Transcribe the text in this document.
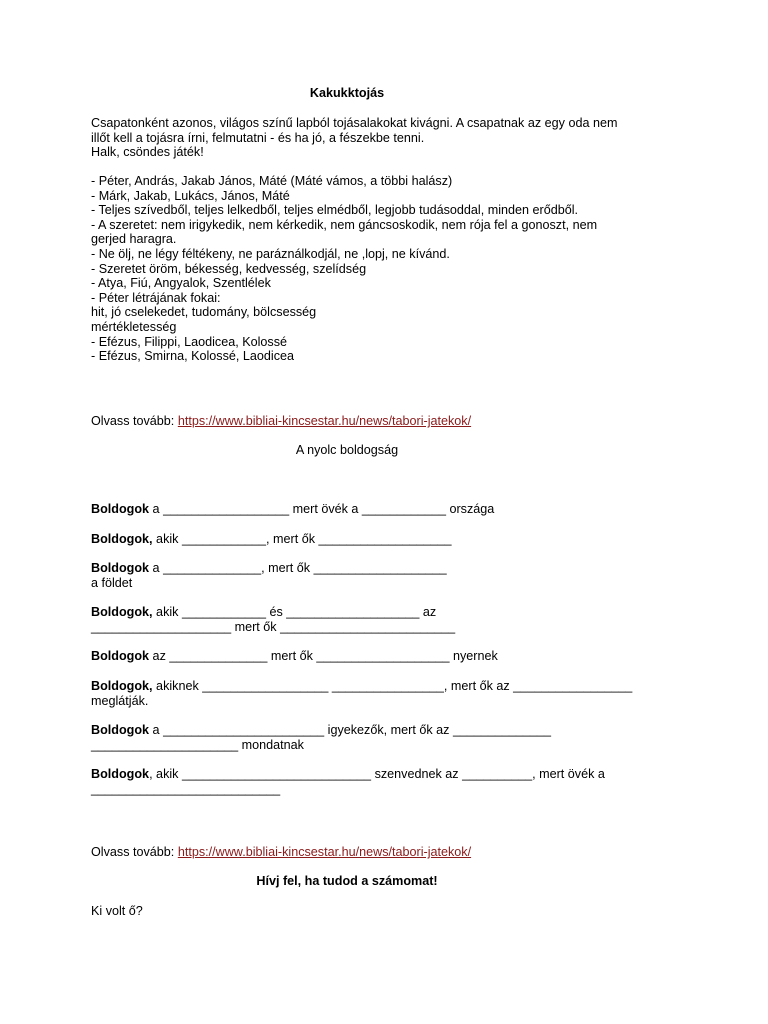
Kakukktojás
Csapatonként azonos, világos színű lapból tojásalakokat kivágni. A csapatnak az egy oda nem
illőt kell a tojásra írni, felmutatni - és ha jó, a fészekbe tenni.
Halk, csöndes játék!
- Péter, András, Jakab János, Máté (Máté vámos, a többi halász)
- Márk, Jakab, Lukács, János, Máté
- Teljes szívedből, teljes lelkedből, teljes elmédből, legjobb tudásoddal, minden erődből.
- A szeretet: nem irigykedik, nem kérkedik, nem gáncsoskodik, nem rója fel a gonoszt, nem
gerjed haragra.
- Ne ölj, ne légy féltékeny, ne paráználkodjál, ne ,lopj, ne kívánd.
- Szeretet öröm, békesség, kedvesség, szelídség
- Atya, Fiú, Angyalok, Szentlélek
- Péter létrájának fokai:
hit, jó cselekedet, tudomány, bölcsesség
mértékletesség
- Efézus, Filippi, Laodicea, Kolossé
- Efézus, Smirna, Kolossé, Laodicea
Olvass tovább: https://www.bibliai-kincsestar.hu/news/tabori-jatekok/
A nyolc boldogság
Boldogok a __________________ mert övék a ____________ országa
Boldogok, akik ____________, mert ők ___________________
Boldogok a ______________, mert ők ___________________
a földet
Boldogok, akik ____________ és ___________________ az
____________________ mert ők _________________________
Boldogok az ______________ mert ők ___________________ nyernek
Boldogok, akiknek __________________ ________________, mert ők az _________________
meglátják.
Boldogok a _______________________ igyekezők, mert ők az ______________
_____________________ mondatnak
Boldogok, akik ___________________________ szenvednek az __________, mert övék a
___________________________
Olvass tovább: https://www.bibliai-kincsestar.hu/news/tabori-jatekok/
Hívj fel, ha tudod a számomat!
Ki volt ő?
